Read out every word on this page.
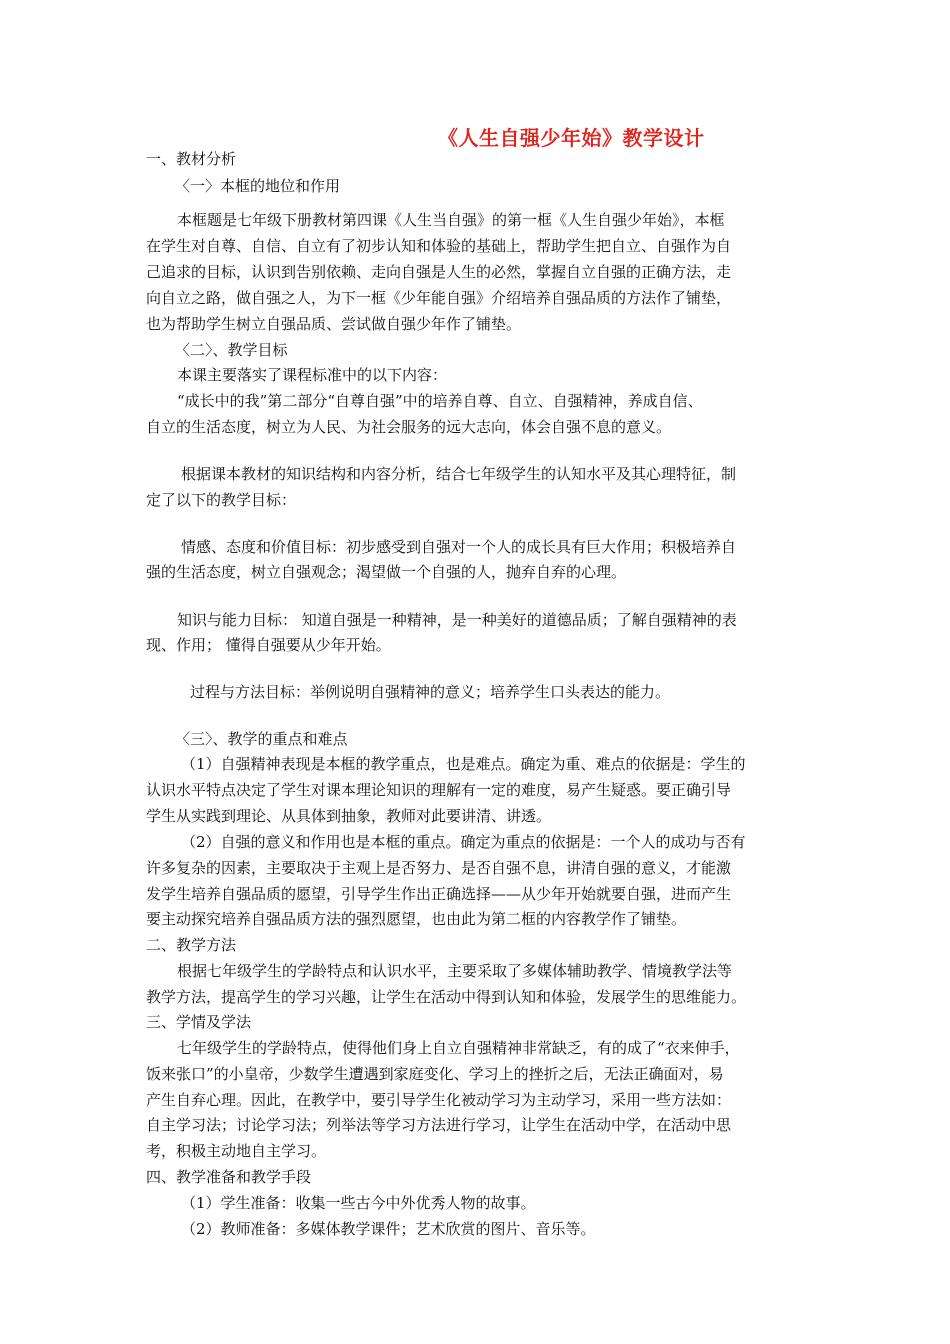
《人生自强少年始》教学设计
一、教材分析
〈一〉本框的地位和作用
本框题是七年级下册教材第四课《人生当自强》的第一框《人生自强少年始》，本框
在学生对自尊、自信、自立有了初步认知和体验的基础上，帮助学生把自立、自强作为自
己追求的目标，认识到告别依赖、走向自强是人生的必然，掌握自立自强的正确方法，走
向自立之路，做自强之人，为下一框《少年能自强》介绍培养自强品质的方法作了铺垫，
也为帮助学生树立自强品质、尝试做自强少年作了铺垫。
〈二〉、教学目标
本课主要落实了课程标准中的以下内容：
“成长中的我”第二部分“自尊自强”中的培养自尊、自立、自强精神，养成自信、
自立的生活态度，树立为人民、为社会服务的远大志向，体会自强不息的意义。
根据课本教材的知识结构和内容分析，结合七年级学生的认知水平及其心理特征，制
定了以下的教学目标：
情感、态度和价值目标：初步感受到自强对一个人的成长具有巨大作用；积极培养自
强的生活态度，树立自强观念；渴望做一个自强的人，抛弃自弃的心理。
知识与能力目标： 知道自强是一种精神，是一种美好的道德品质；了解自强精神的表
现、作用； 懂得自强要从少年开始。
过程与方法目标：举例说明自强精神的意义；培养学生口头表达的能力。
〈三〉、教学的重点和难点
（1）自强精神表现是本框的教学重点，也是难点。确定为重、难点的依据是：学生的
认识水平特点决定了学生对课本理论知识的理解有一定的难度，易产生疑惑。要正确引导
学生从实践到理论、从具体到抽象，教师对此要讲清、讲透。
（2）自强的意义和作用也是本框的重点。确定为重点的依据是：一个人的成功与否有
许多复杂的因素，主要取决于主观上是否努力、是否自强不息，讲清自强的意义，才能激
发学生培养自强品质的愿望，引导学生作出正确选择——从少年开始就要自强，进而产生
要主动探究培养自强品质方法的强烈愿望，也由此为第二框的内容教学作了铺垫。
二、教学方法
根据七年级学生的学龄特点和认识水平，主要采取了多媒体辅助教学、情境教学法等
教学方法，提高学生的学习兴趣，让学生在活动中得到认知和体验，发展学生的思维能力。
三、学情及学法
七年级学生的学龄特点，使得他们身上自立自强精神非常缺乏，有的成了“衣来伸手，
饭来张口”的小皇帝，少数学生遭遇到家庭变化、学习上的挫折之后，无法正确面对，易
产生自弃心理。因此，在教学中，要引导学生化被动学习为主动学习，采用一些方法如：
自主学习法；讨论学习法；列举法等学习方法进行学习，让学生在活动中学，在活动中思
考，积极主动地自主学习。
四、教学准备和教学手段
（1）学生准备：收集一些古今中外优秀人物的故事。
（2）教师准备：多媒体教学课件；艺术欣赏的图片、音乐等。
